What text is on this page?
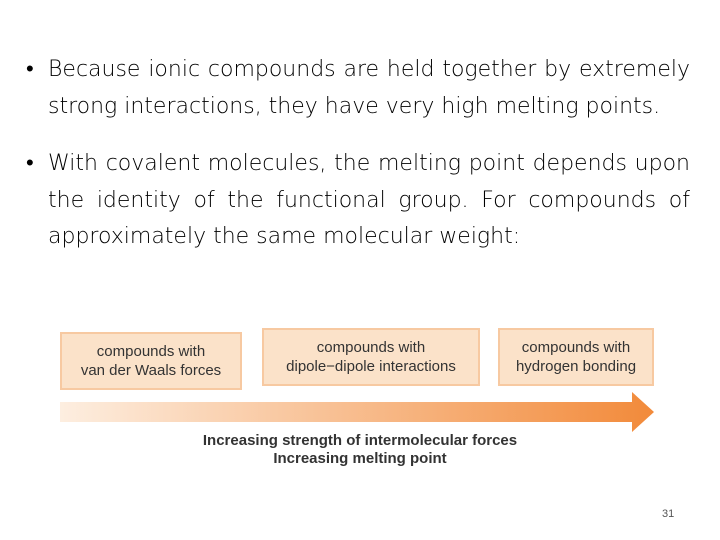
• Because ionic compounds are held together by extremely strong interactions, they have very high melting points.

• With covalent molecules, the melting point depends upon the identity of the functional group. For compounds of approximately the same molecular weight:

compounds with
van der Waals forces
compounds with
dipole−dipole interactions
compounds with
hydrogen bonding
Increasing strength of intermolecular forces
Increasing melting point
31
